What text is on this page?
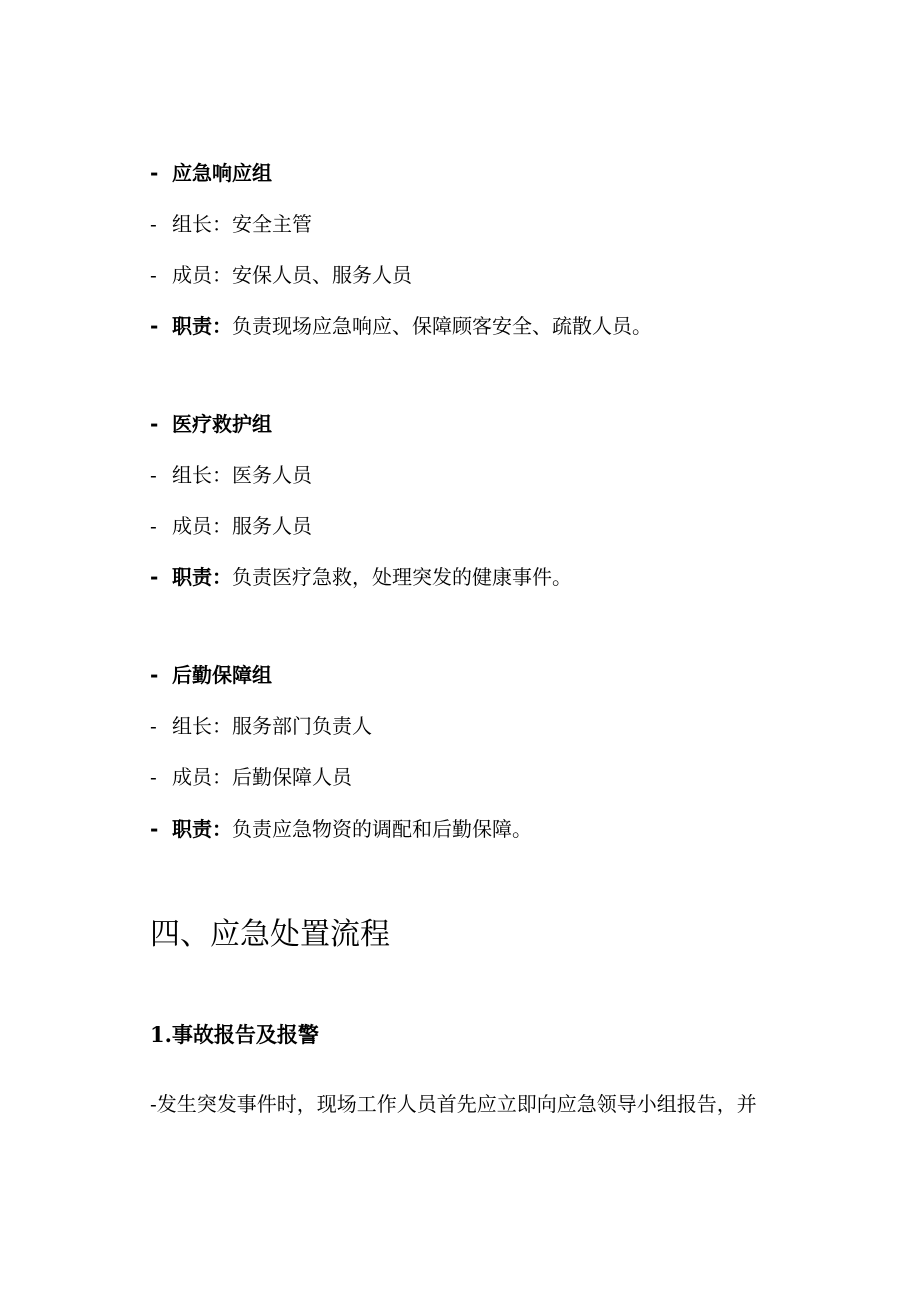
- 应急响应组
- 组长：安全主管
- 成员：安保人员、服务人员
- 职责：负责现场应急响应、保障顾客安全、疏散人员。
- 医疗救护组
- 组长：医务人员
- 成员：服务人员
- 职责：负责医疗急救，处理突发的健康事件。
- 后勤保障组
- 组长：服务部门负责人
- 成员：后勤保障人员
- 职责：负责应急物资的调配和后勤保障。
四、应急处置流程
1.事故报告及报警
-发生突发事件时，现场工作人员首先应立即向应急领导小组报告，并
